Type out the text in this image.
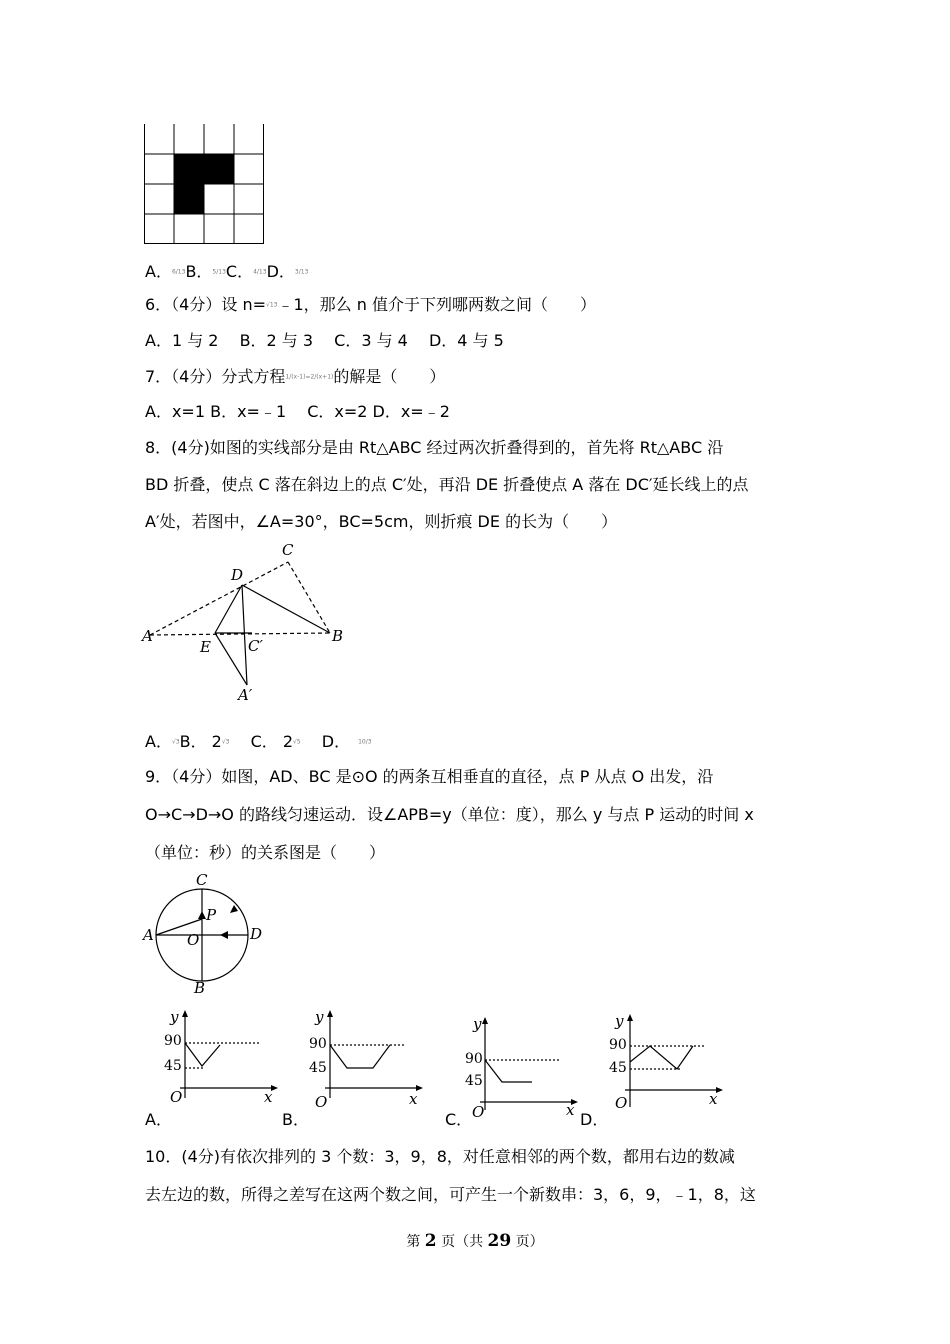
A．6/13B．5/13C．4/13D．3/13
6．（4分）设 n=√13﹣1，那么 n 值介于下列哪两数之间（　　）
A．1 与 2　 B．2 与 3　 C．3 与 4　 D．4 与 5
7．（4分）分式方程1/(x-1)=2/(x+1)的解是（　　）
A．x=1 B．x=﹣1　 C．x=2 D．x=﹣2
8．(4分)如图的实线部分是由 Rt△ABC 经过两次折叠得到的，首先将 Rt△ABC 沿
BD 折叠，使点 C 落在斜边上的点 C′处，再沿 DE 折叠使点 A 落在 DC′延长线上的点
A′处，若图中，∠A=30°，BC=5cm，则折痕 DE 的长为（　　）
C
D
A
E C′
B
A′
A．√3B． 2√3　 C． 2√5　 D．　	10/3
9．（4分）如图，AD、BC 是⊙O 的两条互相垂直的直径，点 P 从点 O 出发，沿
O→C→D→O 的路线匀速运动．设∠APB=y（单位：度），那么 y 与点 P 运动的时间 x
（单位：秒）的关系图是（　　）
C
P
A O	D
B
y
90
45
O	x
A．
y
90
45
O	x
B．
y
90
45
O	x
C．
y
90
45
O	x
D．
10．(4分)有依次排列的 3 个数：3，9，8，对任意相邻的两个数，都用右边的数减
去左边的数，所得之差写在这两个数之间，可产生一个新数串：3，6，9，﹣1，8，这
第 2 页（共 29 页）
